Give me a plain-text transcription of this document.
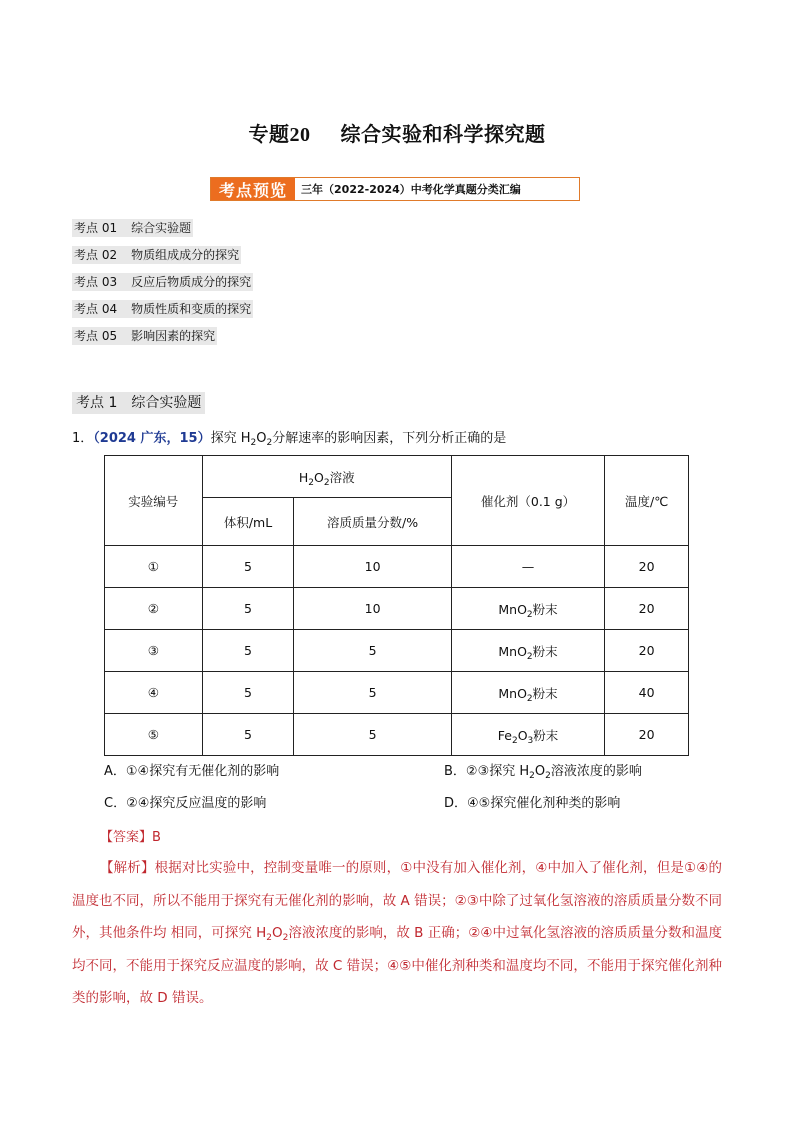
专题20 综合实验和科学探究题
考点预览	三年（2022-2024）中考化学真题分类汇编
考点 01 综合实验题
考点 02 物质组成成分的探究
考点 03 反应后物质成分的探究
考点 04 物质性质和变质的探究
考点 05 影响因素的探究
考点 1 综合实验题
1．（2024 广东，15）探究 $H_2O_2$分解速率的影响因素，下列分析正确的是
实验编号	$H_2O_2$溶液		催化剂（0.1 g）	温度/℃
	体积/mL	溶质质量分数/%		
①	5	10	—	20
②	5	10	MnO$_2$粉末	20
③	5	5	MnO$_2$粉末	20
④	5	5	MnO$_2$粉末	40
⑤	5	5	$Fe_2O_3$粉末	20
A．①④探究有无催化剂的影响	B．②③探究 $H_2O_2$溶液浓度的影响
C．②④探究反应温度的影响	D．④⑤探究催化剂种类的影响
【答案】B
【解析】根据对比实验中，控制变量唯一的原则，①中没有加入催化剂，④中加入了催化剂，但是①④的温度也不同，所以不能用于探究有无催化剂的影响，故 A 错误；②③中除了过氧化氢溶液的溶质质量分数不同外，其他条件均 相同，可探究 $H_2O_2$溶液浓度的影响，故 B 正确；②④中过氧化氢溶液的溶质质量分数和温度均不同，不能用于探究反应温度的影响，故 C 错误；④⑤中催化剂种类和温度均不同，不能用于探究催化剂种类的影响，故 D 错误。
